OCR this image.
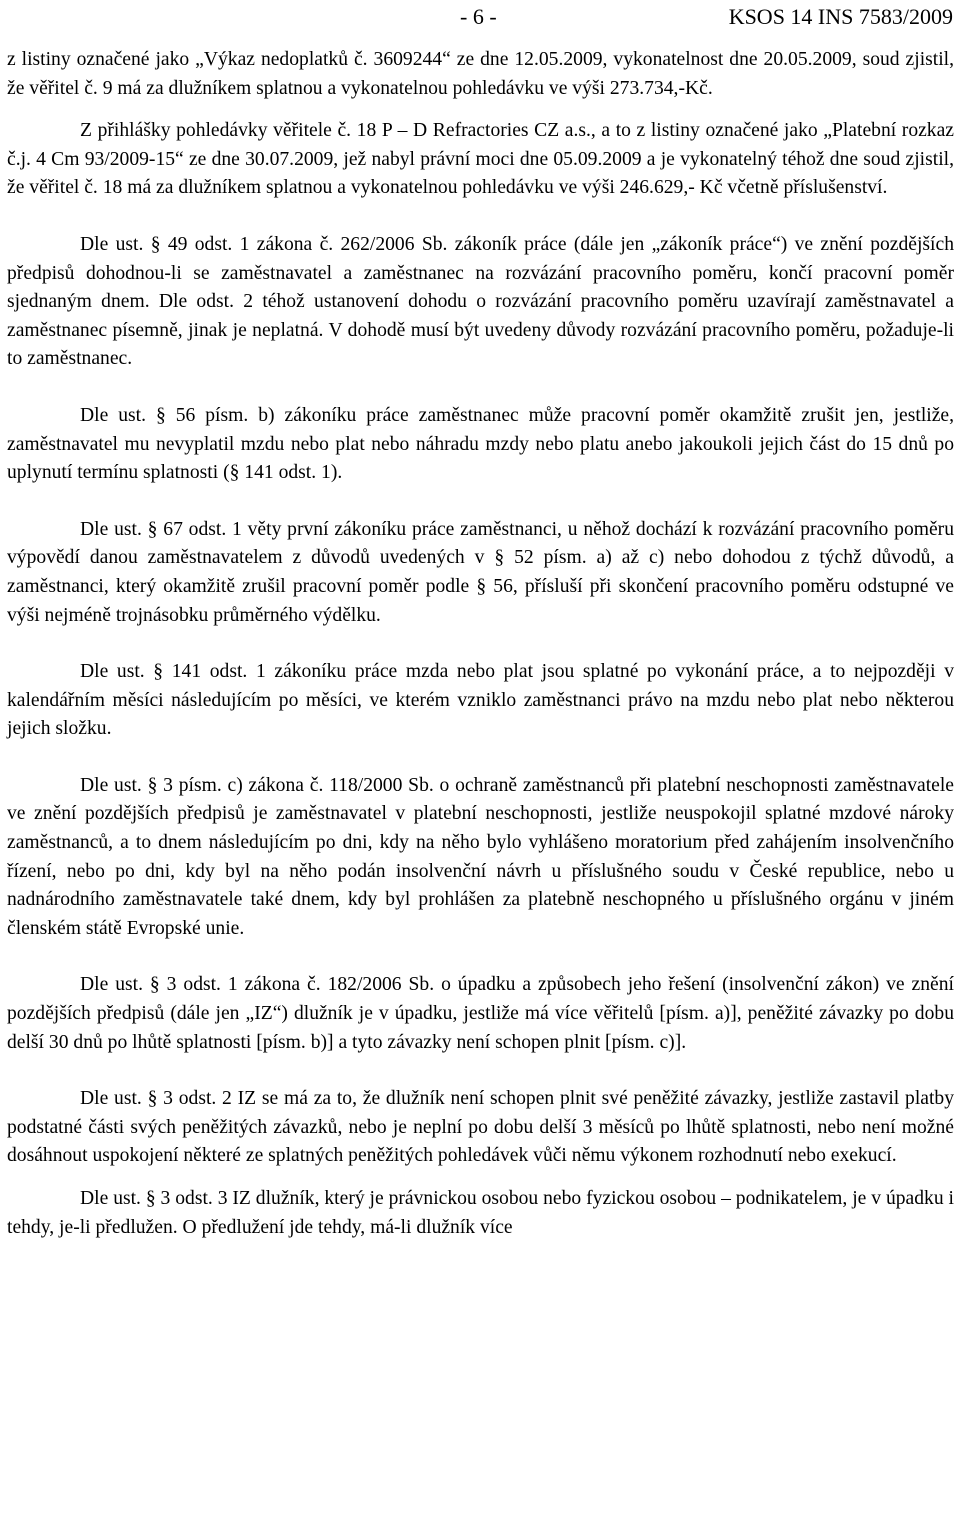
- 6 -	KSOS 14 INS 7583/2009

z listiny označené jako „Výkaz nedoplatků č. 3609244“ ze dne 12.05.2009, vykonatelnost dne 20.05.2009, soud zjistil, že věřitel č. 9 má za dlužníkem splatnou a vykonatelnou pohledávku ve výši 273.734,-Kč.

Z přihlášky pohledávky věřitele č. 18 P – D Refractories CZ a.s., a to z listiny označené jako „Platební rozkaz č.j. 4 Cm 93/2009-15“ ze dne 30.07.2009, jež nabyl právní moci dne 05.09.2009 a je vykonatelný téhož dne soud zjistil, že věřitel č. 18 má za dlužníkem splatnou a vykonatelnou pohledávku ve výši 246.629,- Kč včetně příslušenství.

Dle ust. § 49 odst. 1 zákona č. 262/2006 Sb. zákoník práce (dále jen „zákoník práce“) ve znění pozdějších předpisů dohodnou-li se zaměstnavatel a zaměstnanec na rozvázání pracovního poměru, končí pracovní poměr sjednaným dnem. Dle odst. 2 téhož ustanovení dohodu o rozvázání pracovního poměru uzavírají zaměstnavatel a zaměstnanec písemně, jinak je neplatná. V dohodě musí být uvedeny důvody rozvázání pracovního poměru, požaduje-li to zaměstnanec.

Dle ust. § 56 písm. b) zákoníku práce zaměstnanec může pracovní poměr okamžitě zrušit jen, jestliže, zaměstnavatel mu nevyplatil mzdu nebo plat nebo náhradu mzdy nebo platu anebo jakoukoli jejich část do 15 dnů po uplynutí termínu splatnosti (§ 141 odst. 1).

Dle ust. § 67 odst. 1 věty první zákoníku práce zaměstnanci, u něhož dochází k rozvázání pracovního poměru výpovědí danou zaměstnavatelem z důvodů uvedených v § 52 písm. a) až c) nebo dohodou z týchž důvodů, a zaměstnanci, který okamžitě zrušil pracovní poměr podle § 56, přísluší při skončení pracovního poměru odstupné ve výši nejméně trojnásobku průměrného výdělku.

Dle ust. § 141 odst. 1 zákoníku práce mzda nebo plat jsou splatné po vykonání práce, a to nejpozději v kalendářním měsíci následujícím po měsíci, ve kterém vzniklo zaměstnanci právo na mzdu nebo plat nebo některou jejich složku.

Dle ust. § 3 písm. c) zákona č. 118/2000 Sb. o ochraně zaměstnanců při platební neschopnosti zaměstnavatele ve znění pozdějších předpisů je zaměstnavatel v platební neschopnosti, jestliže neuspokojil splatné mzdové nároky zaměstnanců, a to dnem následujícím po dni, kdy na něho bylo vyhlášeno moratorium před zahájením insolvenčního řízení, nebo po dni, kdy byl na něho podán insolvenční návrh u příslušného soudu v České republice, nebo u nadnárodního zaměstnavatele také dnem, kdy byl prohlášen za platebně neschopného u příslušného orgánu v jiném členském státě Evropské unie.

Dle ust. § 3 odst. 1 zákona č. 182/2006 Sb. o úpadku a způsobech jeho řešení (insolvenční zákon) ve znění pozdějších předpisů (dále jen „IZ“) dlužník je v úpadku, jestliže má více věřitelů [písm. a)], peněžité závazky po dobu delší 30 dnů po lhůtě splatnosti [písm. b)] a tyto závazky není schopen plnit [písm. c)].

Dle ust. § 3 odst. 2 IZ se má za to, že dlužník není schopen plnit své peněžité závazky, jestliže zastavil platby podstatné části svých peněžitých závazků, nebo je neplní po dobu delší 3 měsíců po lhůtě splatnosti, nebo není možné dosáhnout uspokojení některé ze splatných peněžitých pohledávek vůči němu výkonem rozhodnutí nebo exekucí.

Dle ust. § 3 odst. 3 IZ dlužník, který je právnickou osobou nebo fyzickou osobou – podnikatelem, je v úpadku i tehdy, je-li předlužen. O předlužení jde tehdy, má-li dlužník více
